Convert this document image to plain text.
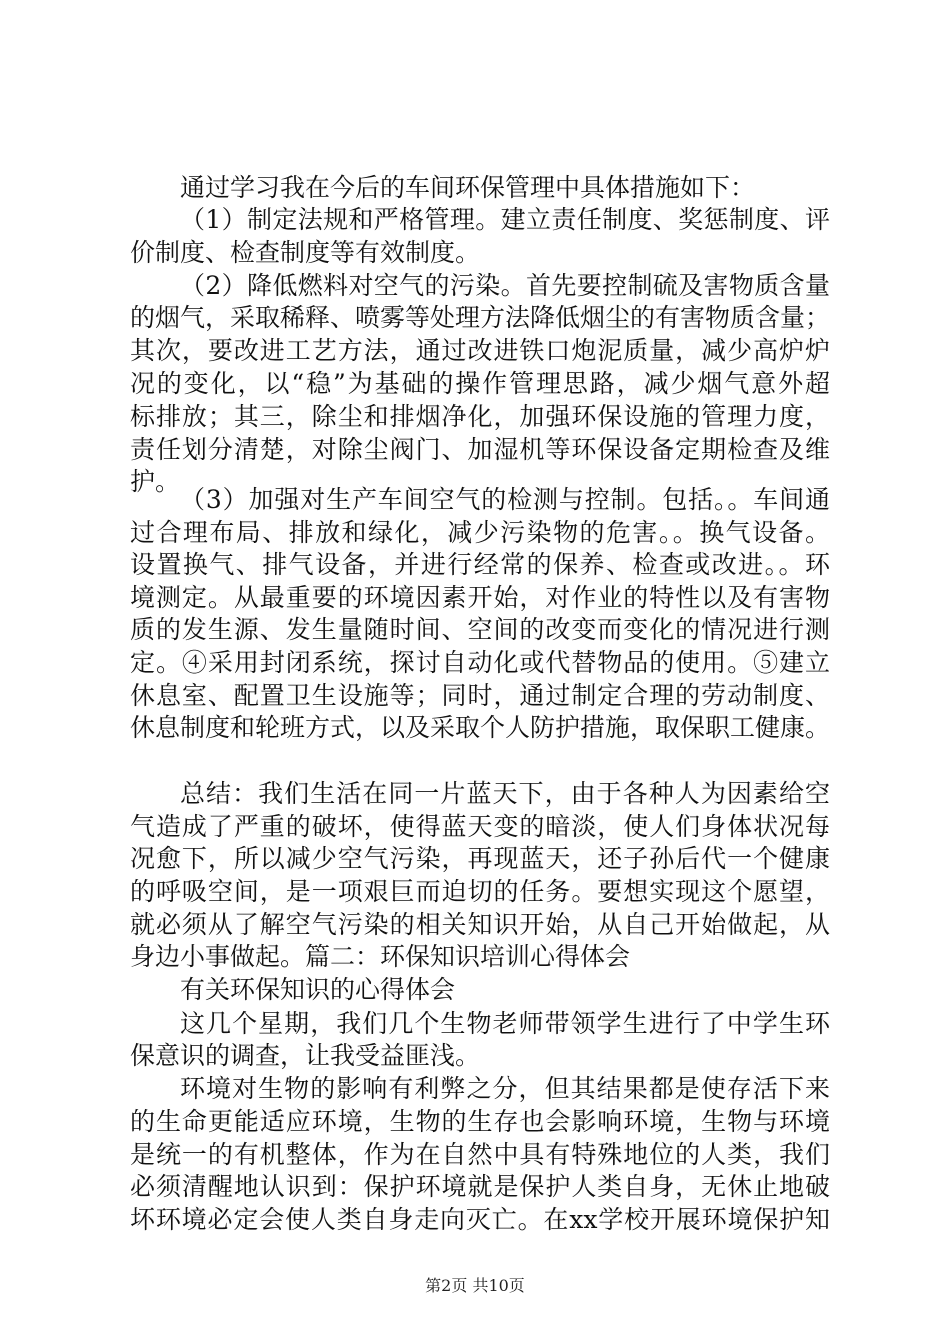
通过学习我在今后的车间环保管理中具体措施如下：
（1）制定法规和严格管理。建立责任制度、奖惩制度、评
价制度、检查制度等有效制度。
（2）降低燃料对空气的污染。首先要控制硫及害物质含量
的烟气，采取稀释、喷雾等处理方法降低烟尘的有害物质含量；
其次，要改进工艺方法，通过改进铁口炮泥质量，减少高炉炉
况的变化，以“稳”为基础的操作管理思路，减少烟气意外超
标排放；其三，除尘和排烟净化，加强环保设施的管理力度，
责任划分清楚，对除尘阀门、加湿机等环保设备定期检查及维
护。
（3）加强对生产车间空气的检测与控制。包括。。车间通
过合理布局、排放和绿化，减少污染物的危害。。换气设备。
设置换气、排气设备，并进行经常的保养、检查或改进。。环
境测定。从最重要的环境因素开始，对作业的特性以及有害物
质的发生源、发生量随时间、空间的改变而变化的情况进行测
定。④采用封闭系统，探讨自动化或代替物品的使用。⑤建立
休息室、配置卫生设施等；同时，通过制定合理的劳动制度、
休息制度和轮班方式，以及采取个人防护措施，取保职工健康。
总结：我们生活在同一片蓝天下，由于各种人为因素给空
气造成了严重的破坏，使得蓝天变的暗淡，使人们身体状况每
况愈下，所以减少空气污染，再现蓝天，还子孙后代一个健康
的呼吸空间，是一项艰巨而迫切的任务。要想实现这个愿望，
就必须从了解空气污染的相关知识开始，从自己开始做起，从
身边小事做起。篇二：环保知识培训心得体会
有关环保知识的心得体会
这几个星期，我们几个生物老师带领学生进行了中学生环
保意识的调查，让我受益匪浅。
环境对生物的影响有利弊之分，但其结果都是使存活下来
的生命更能适应环境，生物的生存也会影响环境，生物与环境
是统一的有机整体，作为在自然中具有特殊地位的人类，我们
必须清醒地认识到：保护环境就是保护人类自身，无休止地破
坏环境必定会使人类自身走向灭亡。在xx学校开展环境保护知
第2页 共10页
